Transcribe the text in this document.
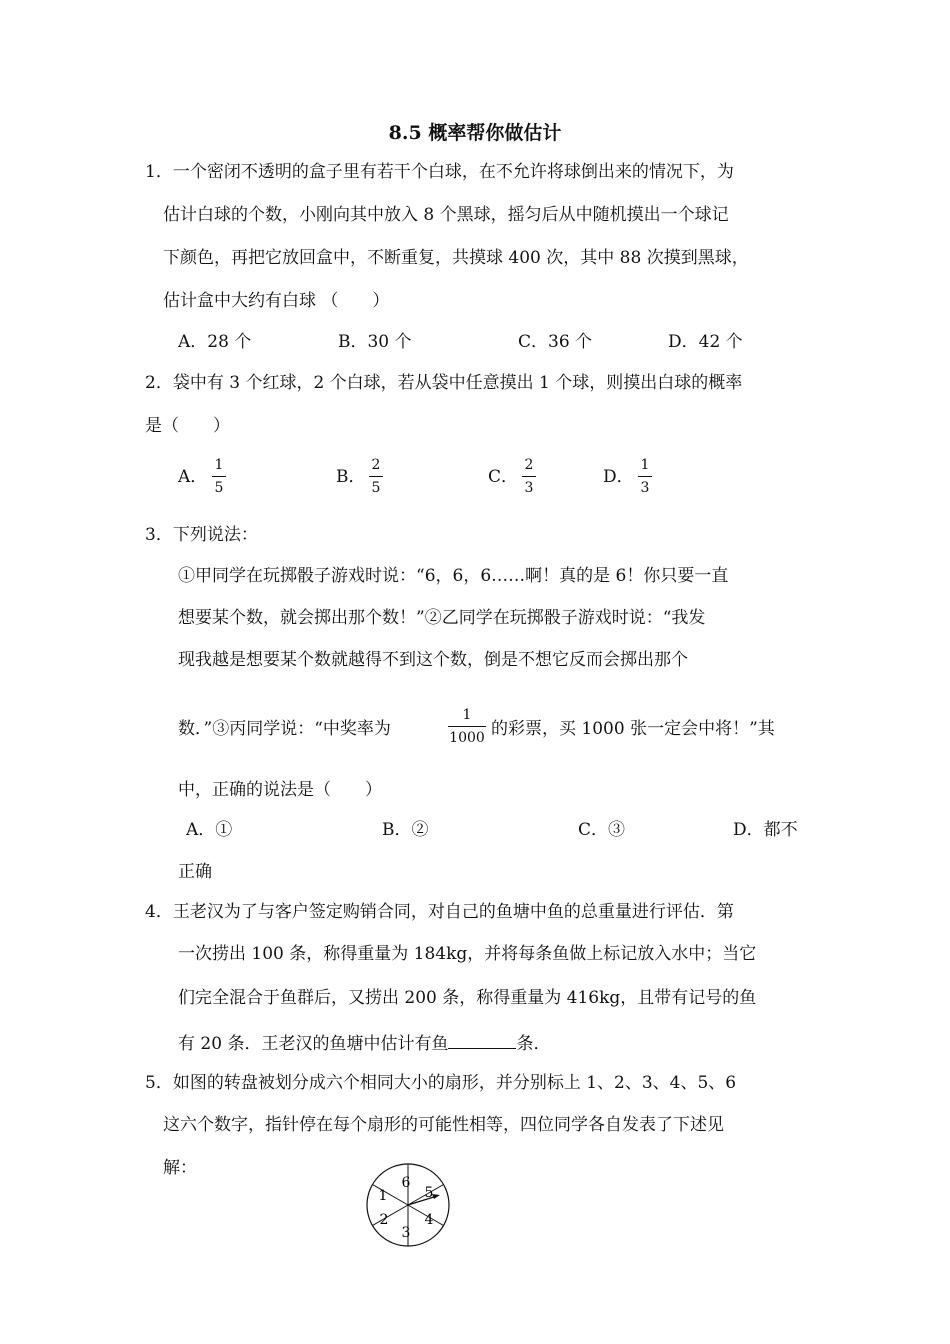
8.5 概率帮你做估计
1．一个密闭不透明的盒子里有若干个白球，在不允许将球倒出来的情况下，为
估计白球的个数，小刚向其中放入 8 个黑球，摇匀后从中随机摸出一个球记
下颜色，再把它放回盒中，不断重复，共摸球 400 次，其中 88 次摸到黑球，
估计盒中大约有白球 （　　）
A．28 个	B．30 个	C．36 个	D．42 个
2．袋中有 3 个红球，2 个白球，若从袋中任意摸出 1 个球，则摸出白球的概率
是（　　）
A．
1
5
B．
2
5
C．
2
3
D．
1
3
3．下列说法：
①甲同学在玩掷骰子游戏时说：“6，6，6……啊！真的是 6！你只要一直
想要某个数，就会掷出那个数！”②乙同学在玩掷骰子游戏时说：“我发
现我越是想要某个数就越得不到这个数，倒是不想它反而会掷出那个
数．”③丙同学说：“中奖率为
1
1000 的彩票，买 1000 张一定会中将！”其
中，正确的说法是（　　）
A．①	B．②	C．③	D．都不
正确
4．王老汉为了与客户签定购销合同，对自己的鱼塘中鱼的总重量进行评估．第
一次捞出 100 条，称得重量为 184kg，并将每条鱼做上标记放入水中；当它
们完全混合于鱼群后，又捞出 200 条，称得重量为 416kg，且带有记号的鱼
有 20 条．王老汉的鱼塘中估计有鱼	条．
5．如图的转盘被划分成六个相同大小的扇形，并分别标上 1、2、3、4、5、6
这六个数字，指针停在每个扇形的可能性相等，四位同学各自发表了下述见
解：
6
5
4
3
2
1
